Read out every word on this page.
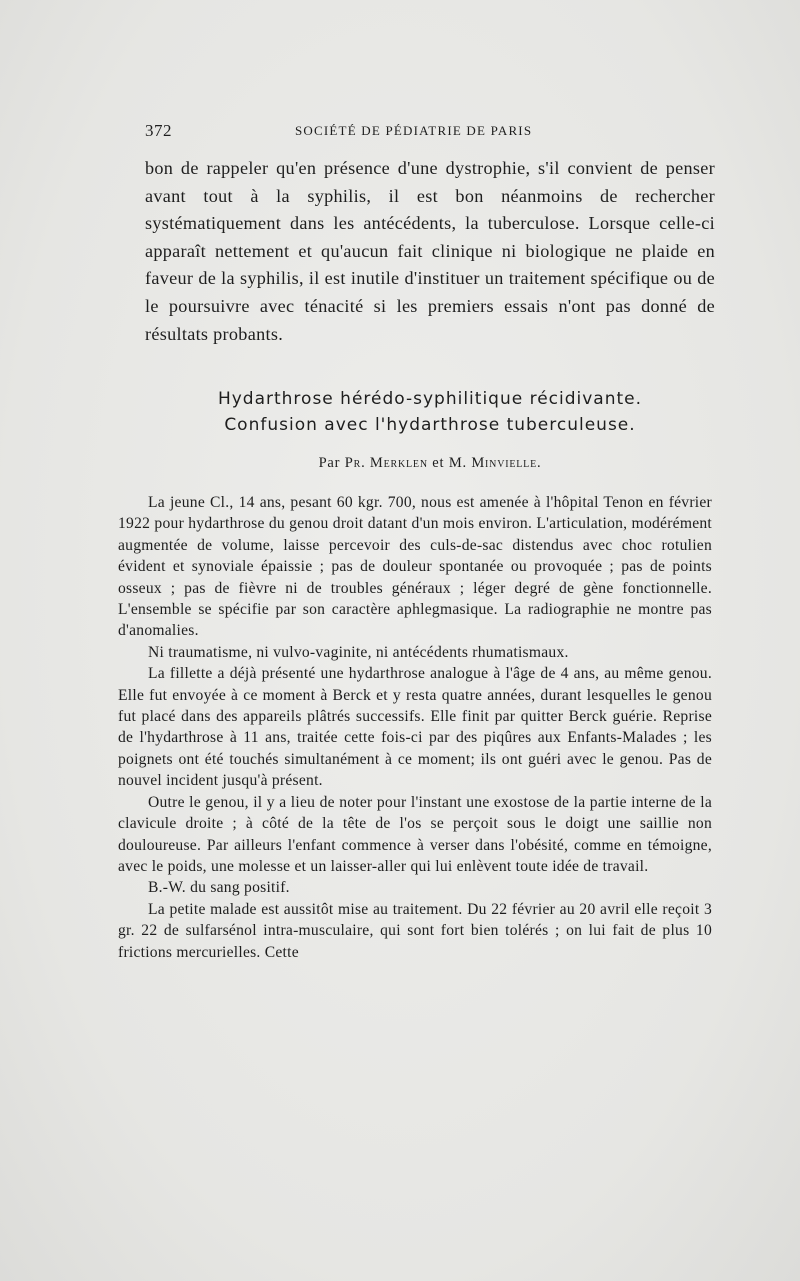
372	SOCIÉTÉ DE PÉDIATRIE DE PARIS

bon de rappeler qu'en présence d'une dystrophie, s'il convient de penser avant tout à la syphilis, il est bon néanmoins de rechercher systématiquement dans les antécédents, la tuberculose. Lorsque celle-ci apparaît nettement et qu'aucun fait clinique ni biologique ne plaide en faveur de la syphilis, il est inutile d'instituer un traitement spécifique ou de le poursuivre avec ténacité si les premiers essais n'ont pas donné de résultats probants.

Hydarthrose hérédo-syphilitique récidivante.
Confusion avec l'hydarthrose tuberculeuse.
Par Pr. Merklen et M. Minvielle.

La jeune Cl., 14 ans, pesant 60 kgr. 700, nous est amenée à l'hôpital Tenon en février 1922 pour hydarthrose du genou droit datant d'un mois environ. L'articulation, modérément augmentée de volume, laisse percevoir des culs-de-sac distendus avec choc rotulien évident et synoviale épaissie ; pas de douleur spontanée ou provoquée ; pas de points osseux ; pas de fièvre ni de troubles généraux ; léger degré de gène fonctionnelle. L'ensemble se spécifie par son caractère aphlegmasique. La radiographie ne montre pas d'anomalies.

Ni traumatisme, ni vulvo-vaginite, ni antécédents rhumatismaux.

La fillette a déjà présenté une hydarthrose analogue à l'âge de 4 ans, au même genou. Elle fut envoyée à ce moment à Berck et y resta quatre années, durant lesquelles le genou fut placé dans des appareils plâtrés successifs. Elle finit par quitter Berck guérie. Reprise de l'hydarthrose à 11 ans, traitée cette fois-ci par des piqûres aux Enfants-Malades ; les poignets ont été touchés simultanément à ce moment; ils ont guéri avec le genou. Pas de nouvel incident jusqu'à présent.

Outre le genou, il y a lieu de noter pour l'instant une exostose de la partie interne de la clavicule droite ; à côté de la tête de l'os se perçoit sous le doigt une saillie non douloureuse. Par ailleurs l'enfant commence à verser dans l'obésité, comme en témoigne, avec le poids, une molesse et un laisser-aller qui lui enlèvent toute idée de travail.

B.-W. du sang positif.

La petite malade est aussitôt mise au traitement. Du 22 février au 20 avril elle reçoit 3 gr. 22 de sulfarsénol intra-musculaire, qui sont fort bien tolérés ; on lui fait de plus 10 frictions mercurielles. Cette
